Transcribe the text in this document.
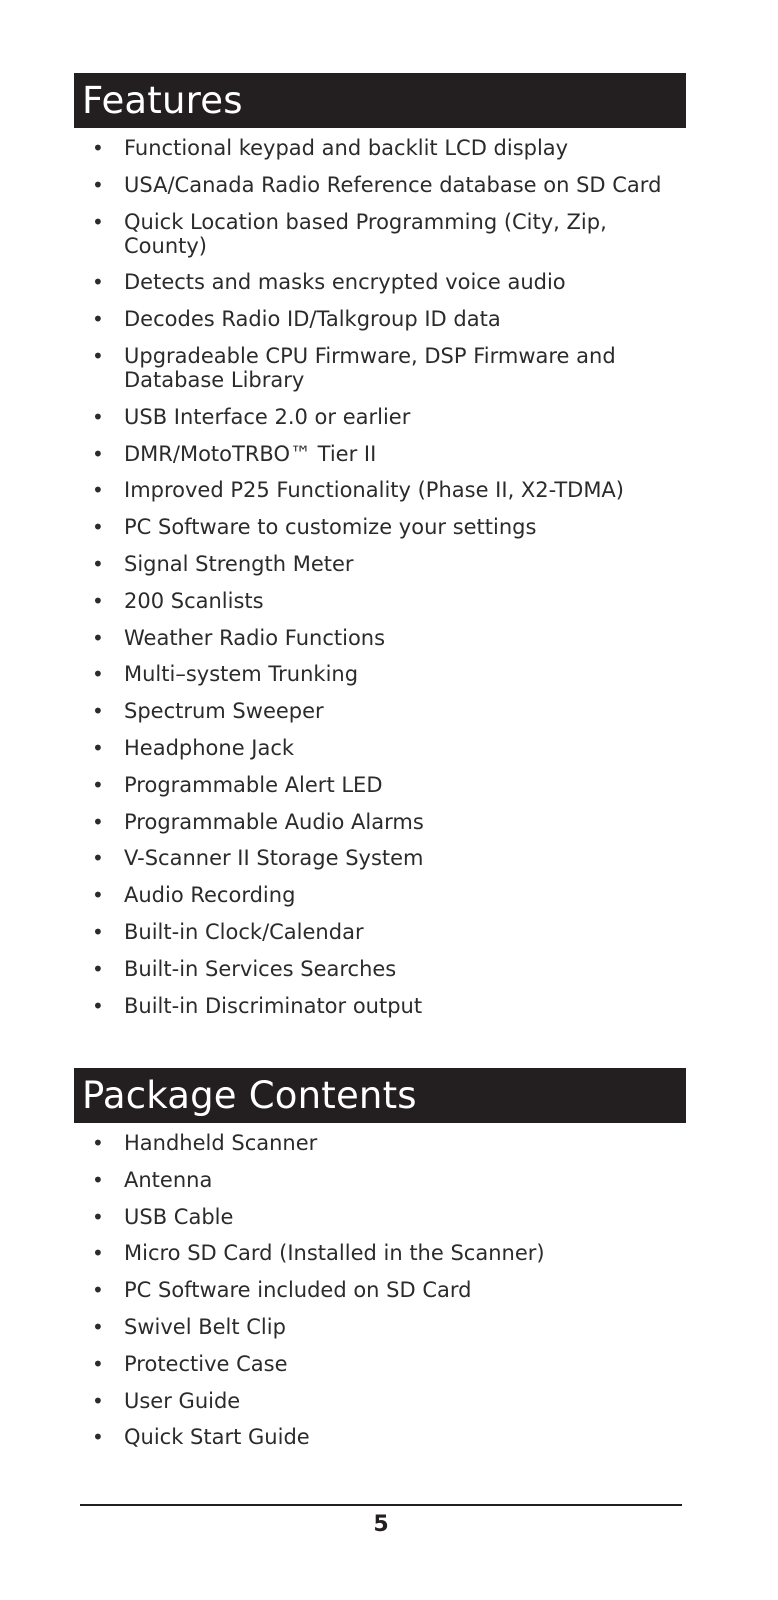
Features
• Functional keypad and backlit LCD display
• USA/Canada Radio Reference database on SD Card
• Quick Location based Programming (City, Zip, County)
• Detects and masks encrypted voice audio
• Decodes Radio ID/Talkgroup ID data
• Upgradeable CPU Firmware, DSP Firmware and Database Library
• USB Interface 2.0 or earlier
• DMR/MotoTRBO™ Tier II
• Improved P25 Functionality (Phase II, X2-TDMA)
• PC Software to customize your settings
• Signal Strength Meter
• 200 Scanlists
• Weather Radio Functions
• Multi–system Trunking
• Spectrum Sweeper
• Headphone Jack
• Programmable Alert LED
• Programmable Audio Alarms
• V-Scanner II Storage System
• Audio Recording
• Built-in Clock/Calendar
• Built-in Services Searches
• Built-in Discriminator output
Package Contents
• Handheld Scanner
• Antenna
• USB Cable
• Micro SD Card (Installed in the Scanner)
• PC Software included on SD Card
• Swivel Belt Clip
• Protective Case
• User Guide
• Quick Start Guide
5
